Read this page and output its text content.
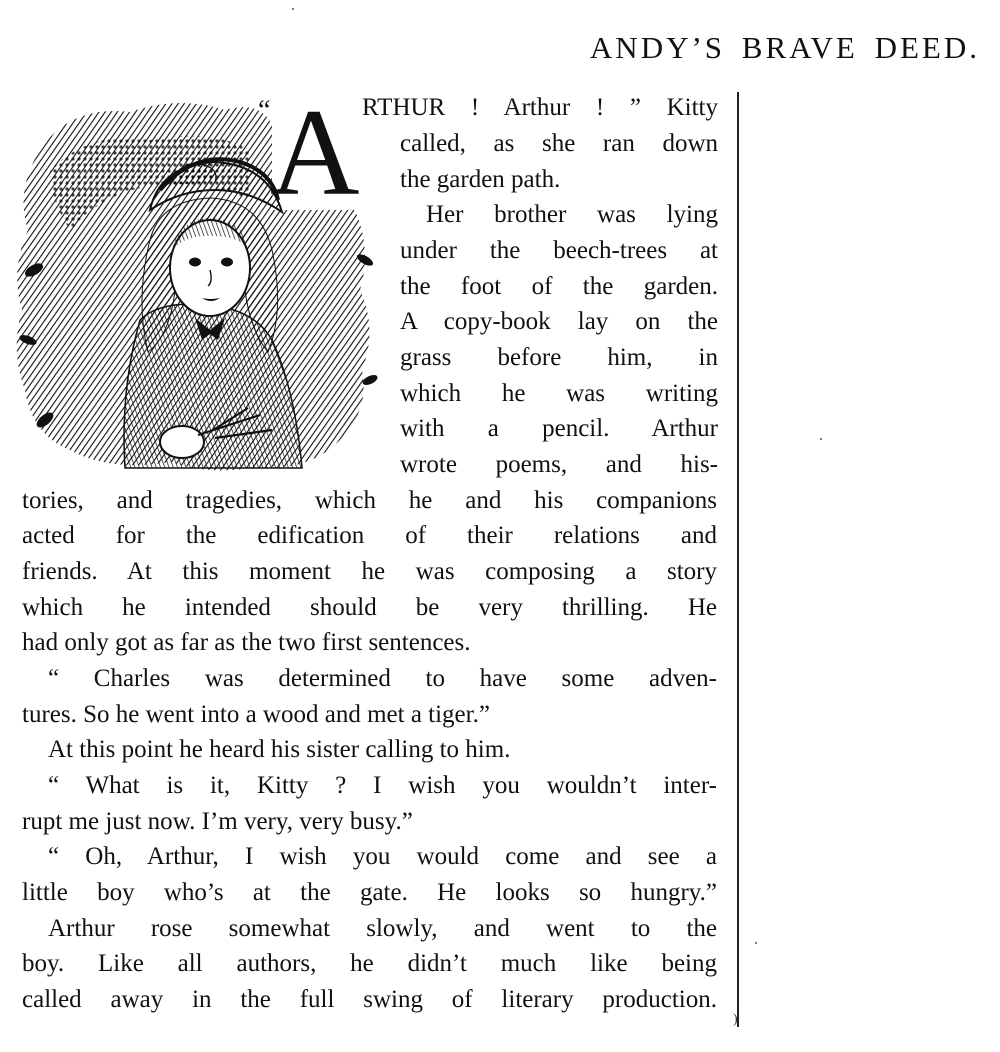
ANDY’S BRAVE DEED.
)
“ A RTHUR ! Arthur ! ” Kitty
called, as she ran down
the garden path.
Her brother was lying
under the beech-trees at
the foot of the garden.
A copy-book lay on the
grass before him, in
which he was writing
with a pencil. Arthur
wrote poems, and his-
tories, and tragedies, which he and his companions
acted for the edification of their relations and
friends. At this moment he was composing a story
which he intended should be very thrilling. He
had only got as far as the two first sentences.
“ Charles was determined to have some adven-
tures. So he went into a wood and met a tiger.”
At this point he heard his sister calling to him.
“ What is it, Kitty ? I wish you wouldn’t inter-
rupt me just now. I’m very, very busy.”
“ Oh, Arthur, I wish you would come and see a
little boy who’s at the gate. He looks so hungry.”
Arthur rose somewhat slowly, and went to the
boy. Like all authors, he didn’t much like being
called away in the full swing of literary production.
